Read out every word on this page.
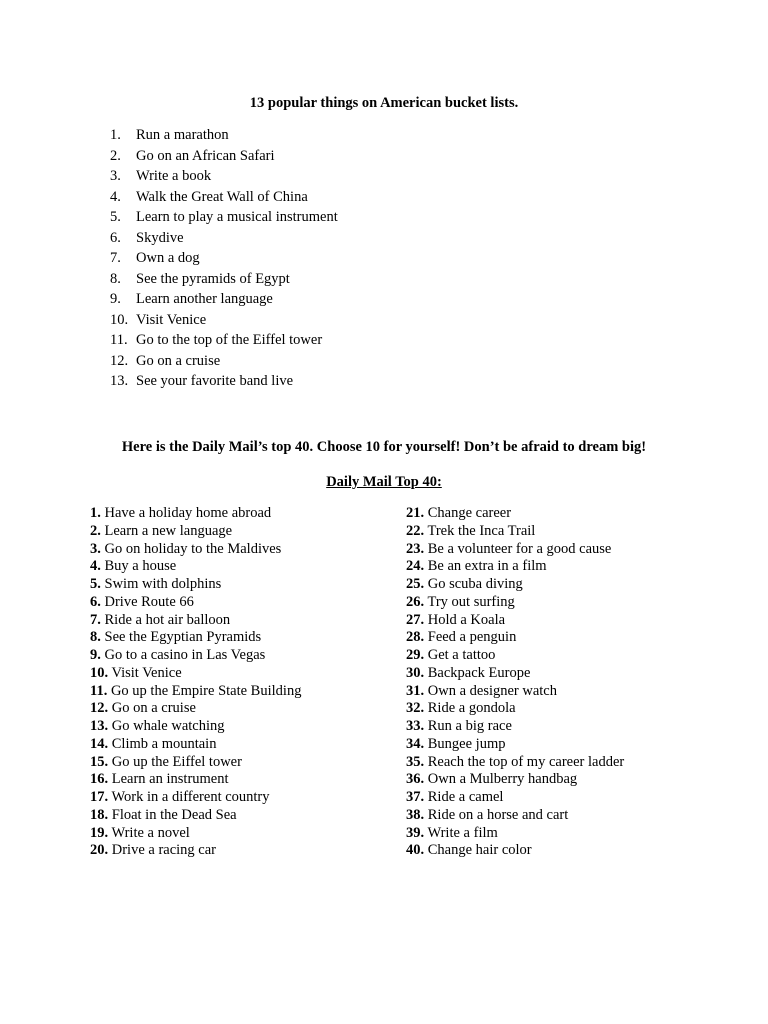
13 popular things on American bucket lists.
1. Run a marathon
2. Go on an African Safari
3. Write a book
4. Walk the Great Wall of China
5. Learn to play a musical instrument
6. Skydive
7. Own a dog
8. See the pyramids of Egypt
9. Learn another language
10. Visit Venice
11. Go to the top of the Eiffel tower
12. Go on a cruise
13. See your favorite band live
Here is the Daily Mail’s top 40. Choose 10 for yourself! Don’t be afraid to dream big!
Daily Mail Top 40:
1. Have a holiday home abroad
2. Learn a new language
3. Go on holiday to the Maldives
4. Buy a house
5. Swim with dolphins
6. Drive Route 66
7. Ride a hot air balloon
8. See the Egyptian Pyramids
9. Go to a casino in Las Vegas
10. Visit Venice
11. Go up the Empire State Building
12. Go on a cruise
13. Go whale watching
14. Climb a mountain
15. Go up the Eiffel tower
16. Learn an instrument
17. Work in a different country
18. Float in the Dead Sea
19. Write a novel
20. Drive a racing car
21. Change career
22. Trek the Inca Trail
23. Be a volunteer for a good cause
24. Be an extra in a film
25. Go scuba diving
26. Try out surfing
27. Hold a Koala
28. Feed a penguin
29. Get a tattoo
30. Backpack Europe
31. Own a designer watch
32. Ride a gondola
33. Run a big race
34. Bungee jump
35. Reach the top of my career ladder
36. Own a Mulberry handbag
37. Ride a camel
38. Ride on a horse and cart
39. Write a film
40. Change hair color
